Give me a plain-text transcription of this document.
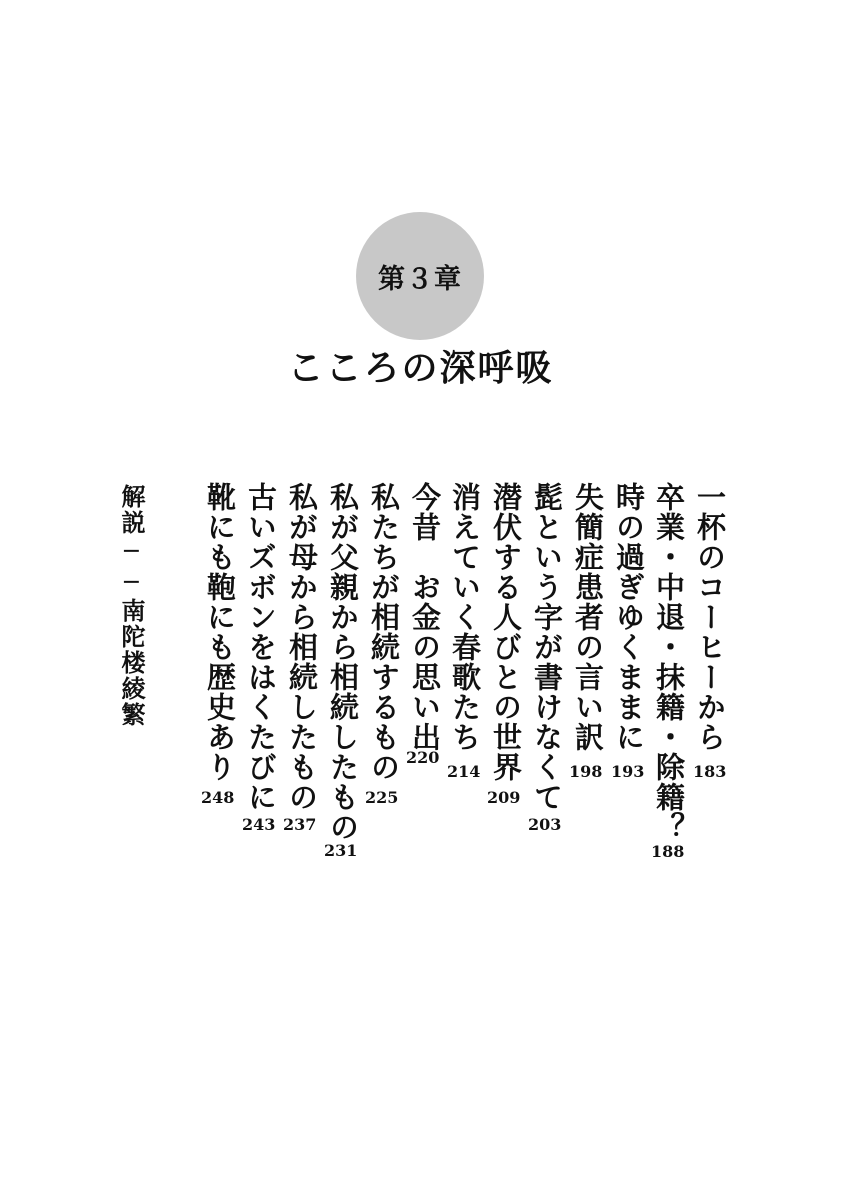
第３章
こころの深呼吸
一杯のコーヒーから
183
卒業・中退・抹籍・除籍？
188
時の過ぎゆくままに
193
失簡症患者の言い訳
198
髭という字が書けなくて
203
潜伏する人びとの世界
209
消えていく春歌たち
214
今昔　お金の思い出
220
私たちが相続するもの
225
私が父親から相続したもの
231
私が母から相続したもの
237
古いズボンをはくたびに
243
靴にも鞄にも歴史あり
248
解説──南陀楼綾繁
